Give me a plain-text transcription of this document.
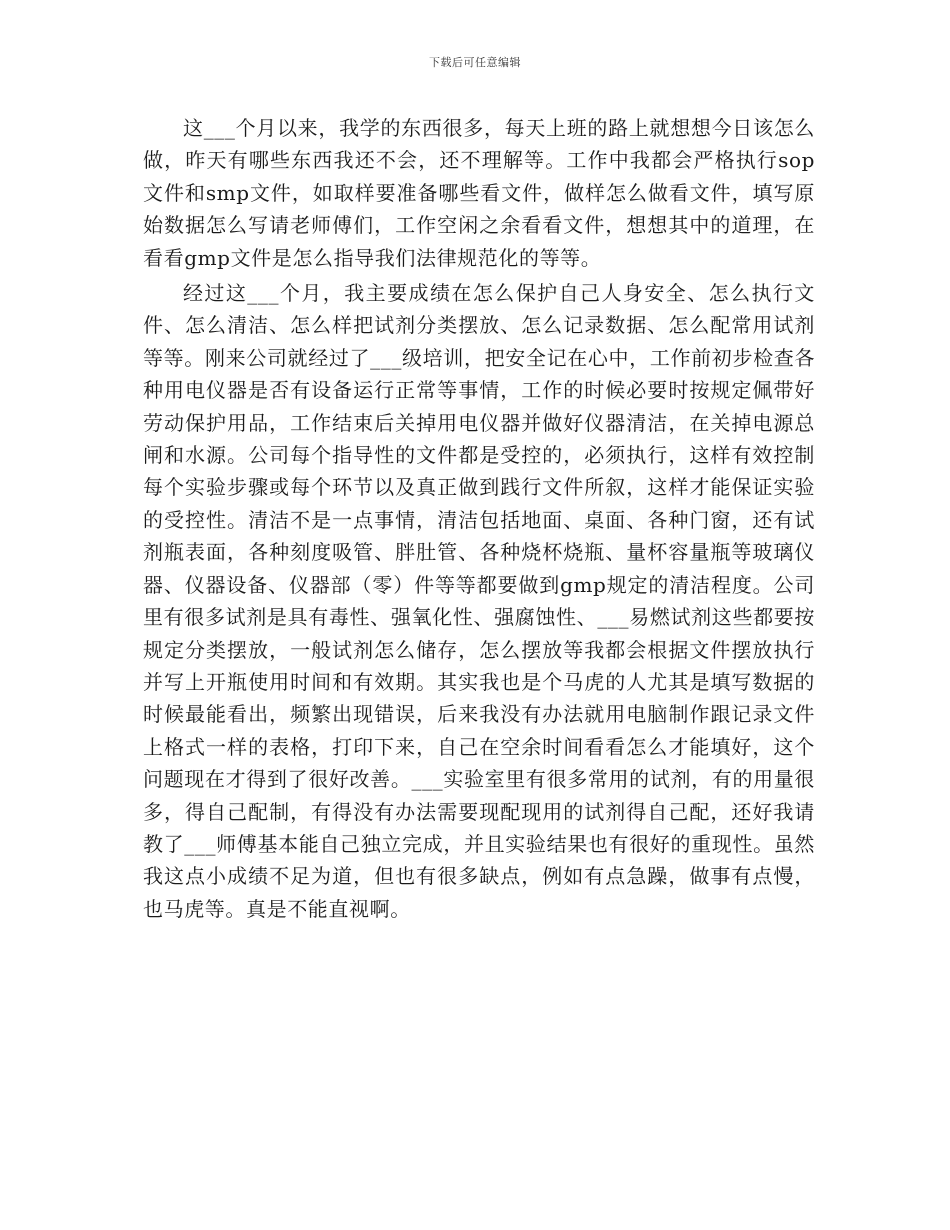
下载后可任意编辑

这___个月以来，我学的东西很多，每天上班的路上就想想今日该怎么做，昨天有哪些东西我还不会，还不理解等。工作中我都会严格执行sop文件和smp文件，如取样要准备哪些看文件，做样怎么做看文件，填写原始数据怎么写请老师傅们，工作空闲之余看看文件，想想其中的道理，在看看gmp文件是怎么指导我们法律规范化的等等。

经过这___个月，我主要成绩在怎么保护自己人身安全、怎么执行文件、怎么清洁、怎么样把试剂分类摆放、怎么记录数据、怎么配常用试剂等等。刚来公司就经过了___级培训，把安全记在心中，工作前初步检查各种用电仪器是否有设备运行正常等事情，工作的时候必要时按规定佩带好劳动保护用品，工作结束后关掉用电仪器并做好仪器清洁，在关掉电源总闸和水源。公司每个指导性的文件都是受控的，必须执行，这样有效控制每个实验步骤或每个环节以及真正做到践行文件所叙，这样才能保证实验的受控性。清洁不是一点事情，清洁包括地面、桌面、各种门窗，还有试剂瓶表面，各种刻度吸管、胖肚管、各种烧杯烧瓶、量杯容量瓶等玻璃仪器、仪器设备、仪器部（零）件等等都要做到gmp规定的清洁程度。公司里有很多试剂是具有毒性、强氧化性、强腐蚀性、___易燃试剂这些都要按规定分类摆放，一般试剂怎么储存，怎么摆放等我都会根据文件摆放执行并写上开瓶使用时间和有效期。其实我也是个马虎的人尤其是填写数据的时候最能看出，频繁出现错误，后来我没有办法就用电脑制作跟记录文件上格式一样的表格，打印下来，自己在空余时间看看怎么才能填好，这个问题现在才得到了很好改善。___实验室里有很多常用的试剂，有的用量很多，得自己配制，有得没有办法需要现配现用的试剂得自己配，还好我请教了___师傅基本能自己独立完成，并且实验结果也有很好的重现性。虽然我这点小成绩不足为道，但也有很多缺点，例如有点急躁，做事有点慢，也马虎等。真是不能直视啊。
